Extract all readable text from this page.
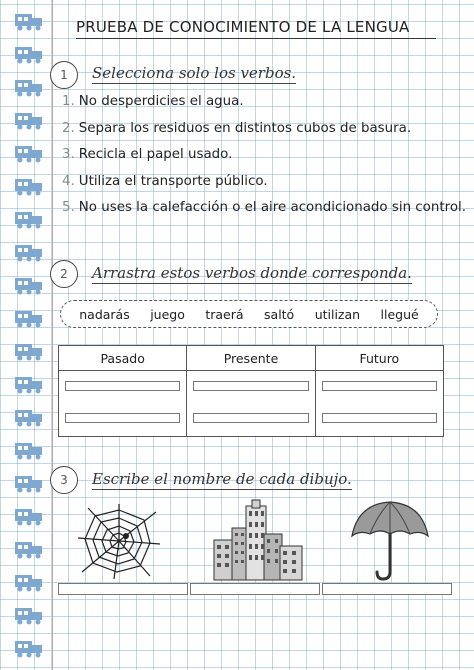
PRUEBA DE CONOCIMIENTO DE LA LENGUA
1	Selecciona solo los verbos.
1. No desperdicies el agua.
2. Separa los residuos en distintos cubos de basura.
3. Recicla el papel usado.
4. Utiliza el transporte público.
5. No uses la calefacción o el aire acondicionado sin control.
2	Arrastra estos verbos donde corresponda.
nadarás juego traerá saltó utilizan llegué
Pasado	Presente	Futuro
3	Escribe el nombre de cada dibujo.
